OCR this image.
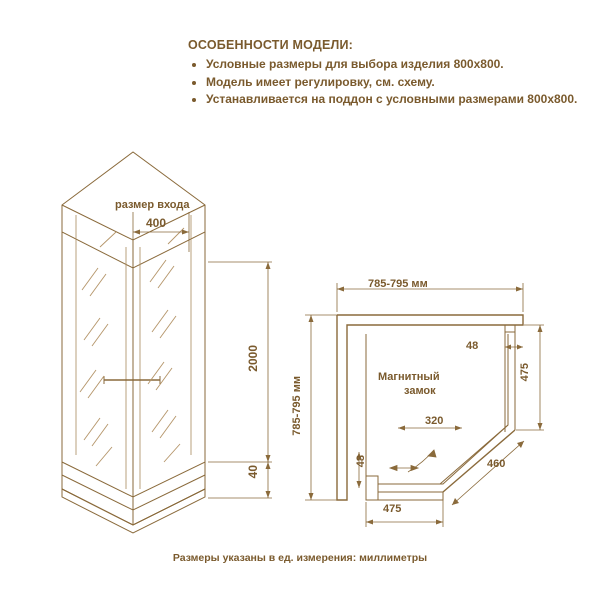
ОСОБЕННОСТИ МОДЕЛИ:
• Условные размеры для выбора изделия 800х800.
• Модель имеет регулировку, см. схему.
• Устанавливается на поддон с условными размерами 800х800.
размер входа
400
2000
40
785-795 мм
785-795 мм	Магнитный
замок
48
475
320
460
48
475
Размеры указаны в ед. измерения: миллиметры
